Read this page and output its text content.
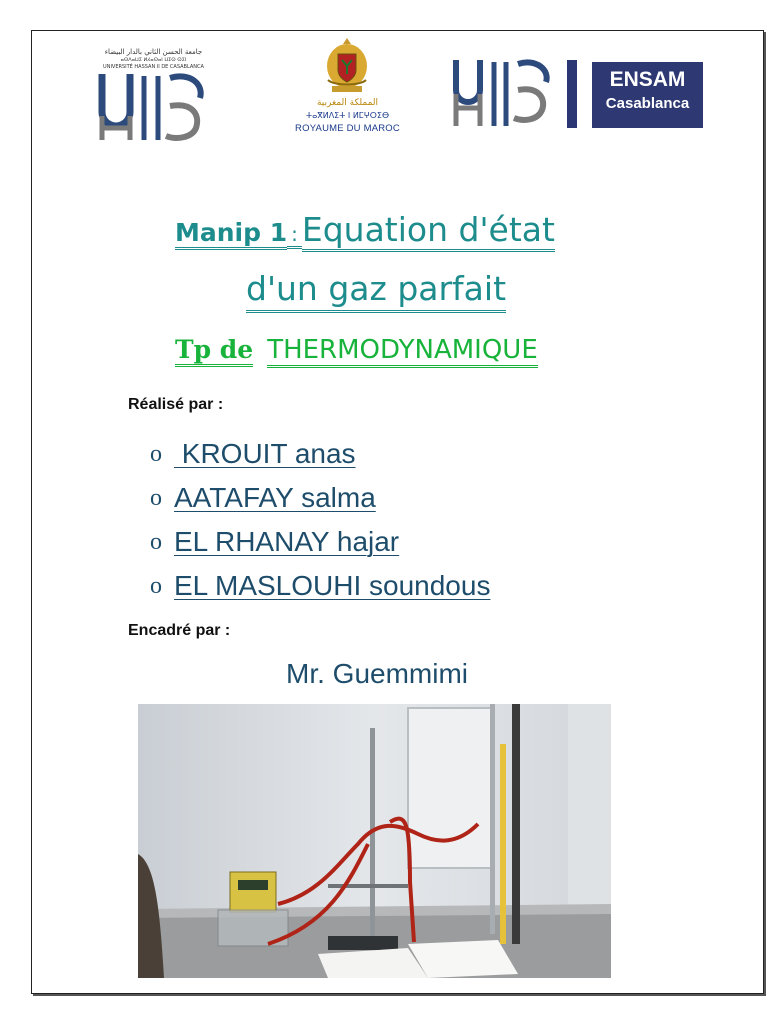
جامعة الحسن الثاني بالدار البيضاء
ⴰⵙⴷⴰⵡⵉ ⵍⵃⴰⵙⴰⵏ ⵡⵉⵙ ⵙⵉⵏ
UNIVERSITÉ HASSAN II DE CASABLANCA
المملكة المغربية
ⵜⴰⴳⵍⴷⵉⵜ ⵏ ⵍⵎⵖⵔⵉⴱ
ROYAUME DU MAROC
ENSAM
Casablanca
Manip 1 : Equation d'état
d'un gaz parfait
Tp de THERMODYNAMIQUE
Réalisé par :
o KROUIT anas
o AATAFAY salma
o EL RHANAY hajar
o EL MASLOUHI soundous
Encadré par :
Mr. Guemmimi
